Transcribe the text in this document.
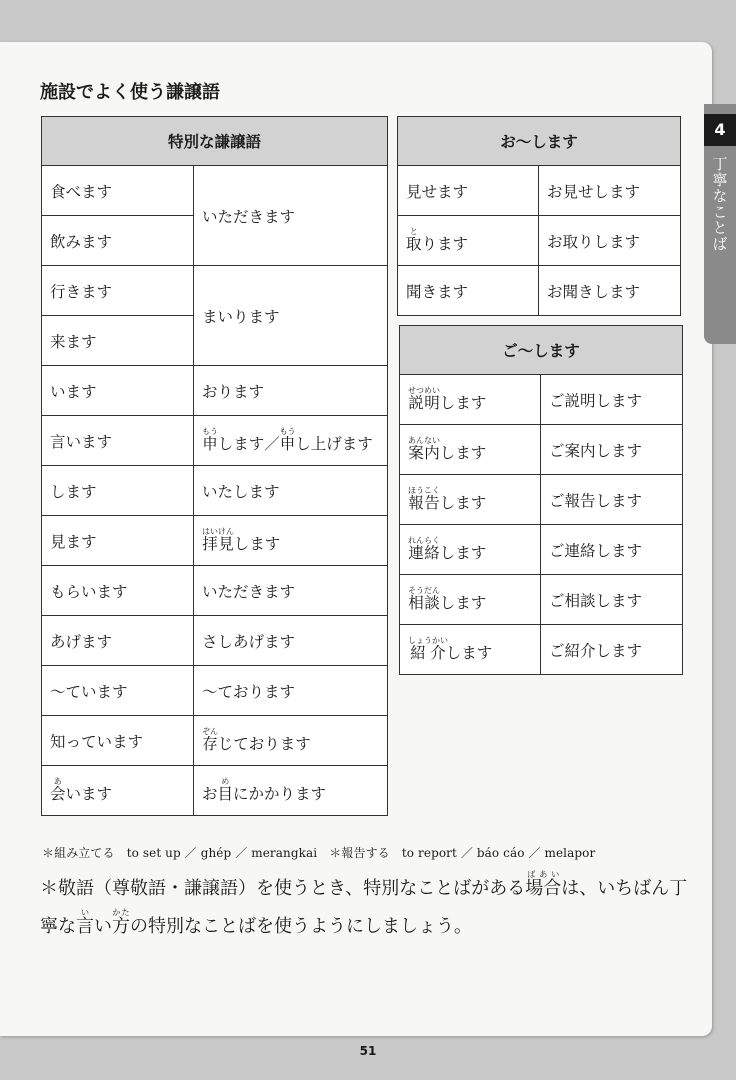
4
丁寧なことば
施設でよく使う謙譲語
特別な謙譲語	
食べます	いただきます
飲みます	
行きます	まいります
来ます	
います	おります
言います	申もうします／申もうし上げます
します	いたします
見ます	拝見はいけんします
もらいます	いただきます
あげます	さしあげます
〜ています	〜ております
知っています	存ぞんじております
会あいます	お目めにかかります
お〜します	
見せます	お見せします
取とります	お取りします
聞きます	お聞きします
ご〜します	
説明せつめいします	ご説明します
案内あんないします	ご案内します
報告ほうこくします	ご報告します
連絡れんらくします	ご連絡します
相談そうだんします	ご相談します
紹介しょうかいします	ご紹介します
＊組み立てる　to set up ／ ghép ／ merangkai　＊報告する　to report ／ báo cáo ／ melapor
＊敬語（尊敬語・謙譲語）を使うとき、特別なことばがある場合ばあいは、いちばん丁寧な言いい方かたの特別なことばを使うようにしましょう。
51
